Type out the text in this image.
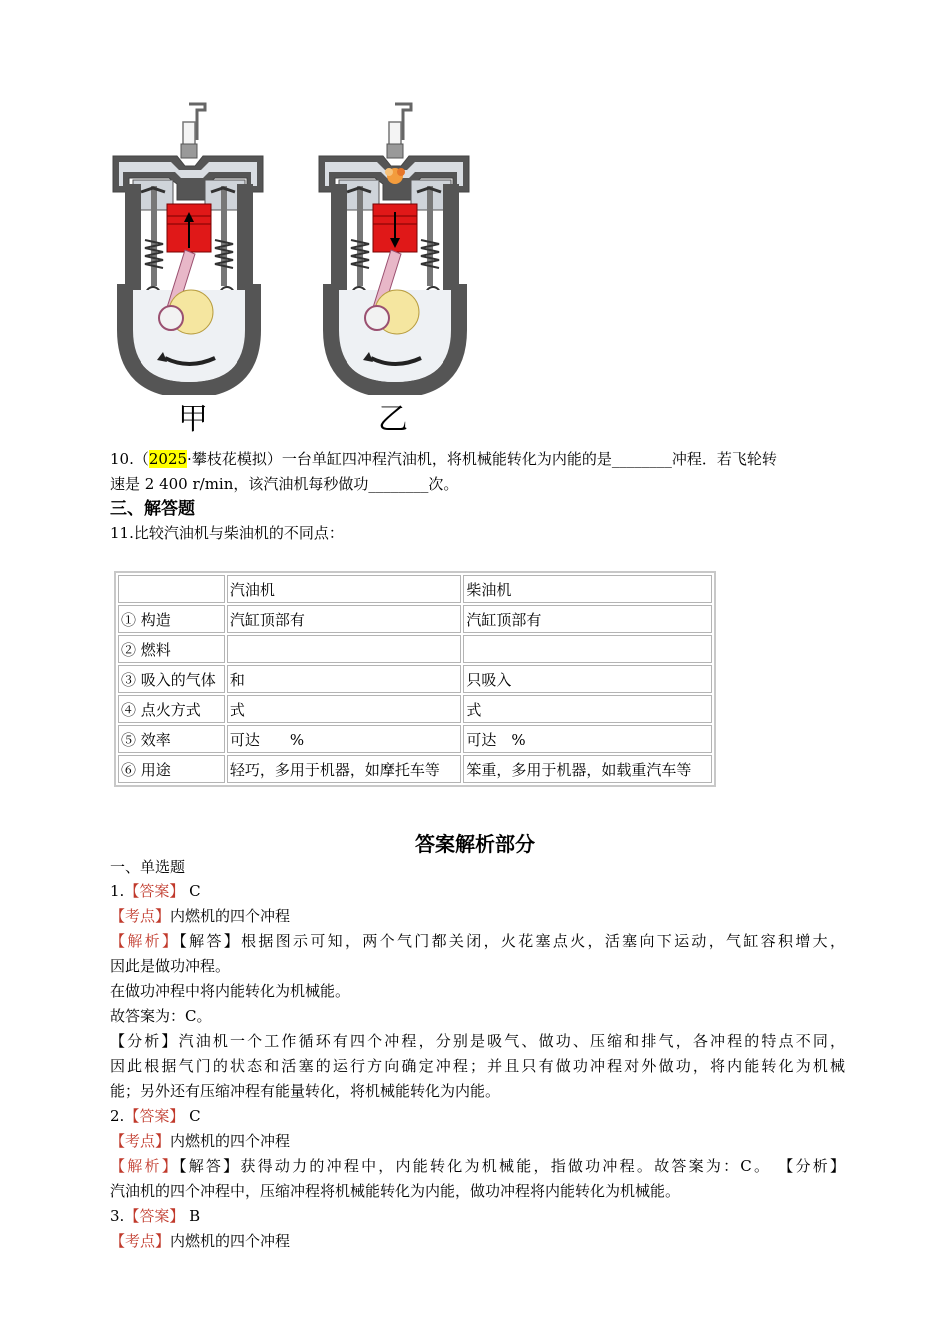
甲	乙
10.（2025·攀枝花模拟）一台单缸四冲程汽油机，将机械能转化为内能的是________冲程．若飞轮转
速是 2 400 r/min，该汽油机每秒做功________次。
三、解答题
11.比较汽油机与柴油机的不同点：
	汽油机	柴油机
① 构造	汽缸顶部有	汽缸顶部有
② 燃料		
③ 吸入的气体	和	只吸入
④ 点火方式	式	式
⑤ 效率	可达　　%	可达　%
⑥ 用途	轻巧，多用于机器，如摩托车等	笨重，多用于机器，如载重汽车等
答案解析部分
一、单选题
1.【答案】 C
【考点】内燃机的四个冲程
【解析】【解答】根据图示可知，两个气门都关闭，火花塞点火，活塞向下运动，气缸容积增大，
因此是做功冲程。
在做功冲程中将内能转化为机械能。
故答案为：C。
【分析】汽油机一个工作循环有四个冲程，分别是吸气、做功、压缩和排气，各冲程的特点不同，
因此根据气门的状态和活塞的运行方向确定冲程；并且只有做功冲程对外做功，将内能转化为机械
能；另外还有压缩冲程有能量转化，将机械能转化为内能。
2.【答案】 C
【考点】内燃机的四个冲程
【解析】【解答】获得动力的冲程中，内能转化为机械能，指做功冲程。故答案为：C。 【分析】
汽油机的四个冲程中，压缩冲程将机械能转化为内能，做功冲程将内能转化为机械能。
3.【答案】 B
【考点】内燃机的四个冲程
